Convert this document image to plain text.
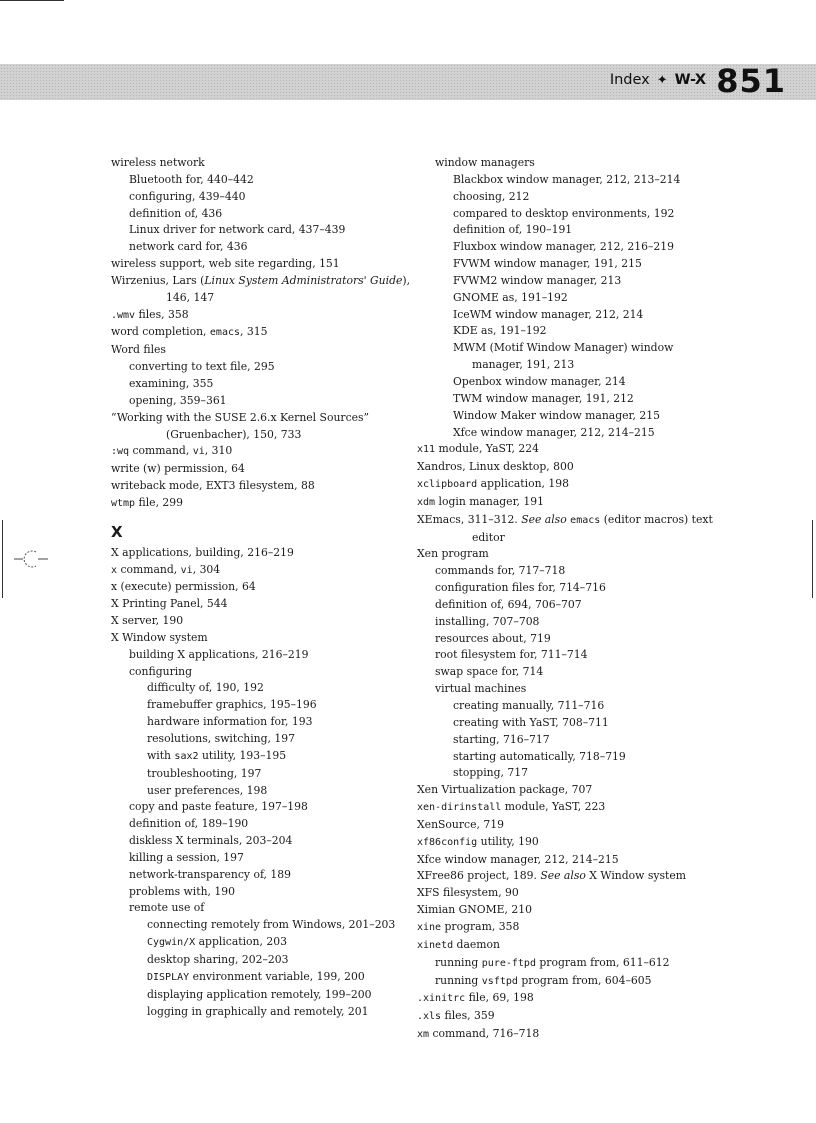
Index ✦ W-X 851
wireless network
Bluetooth for, 440–442
configuring, 439–440
definition of, 436
Linux driver for network card, 437–439
network card for, 436
wireless support, web site regarding, 151
Wirzenius, Lars (Linux System Administrators' Guide),
146, 147
.wmv files, 358
word completion, emacs, 315
Word files
converting to text file, 295
examining, 355
opening, 359–361
“Working with the SUSE 2.6.x Kernel Sources”
(Gruenbacher), 150, 733
:wq command, vi, 310
write (w) permission, 64
writeback mode, EXT3 filesystem, 88
wtmp file, 299
X
X applications, building, 216–219
x command, vi, 304
x (execute) permission, 64
X Printing Panel, 544
X server, 190
X Window system
building X applications, 216–219
configuring
difficulty of, 190, 192
framebuffer graphics, 195–196
hardware information for, 193
resolutions, switching, 197
with sax2 utility, 193–195
troubleshooting, 197
user preferences, 198
copy and paste feature, 197–198
definition of, 189–190
diskless X terminals, 203–204
killing a session, 197
network-transparency of, 189
problems with, 190
remote use of
connecting remotely from Windows, 201–203
Cygwin/X application, 203
desktop sharing, 202–203
DISPLAY environment variable, 199, 200
displaying application remotely, 199–200
logging in graphically and remotely, 201
window managers
Blackbox window manager, 212, 213–214
choosing, 212
compared to desktop environments, 192
definition of, 190–191
Fluxbox window manager, 212, 216–219
FVWM window manager, 191, 215
FVWM2 window manager, 213
GNOME as, 191–192
IceWM window manager, 212, 214
KDE as, 191–192
MWM (Motif Window Manager) window
manager, 191, 213
Openbox window manager, 214
TWM window manager, 191, 212
Window Maker window manager, 215
Xfce window manager, 212, 214–215
x11 module, YaST, 224
Xandros, Linux desktop, 800
xclipboard application, 198
xdm login manager, 191
XEmacs, 311–312. See also emacs (editor macros) text
editor
Xen program
commands for, 717–718
configuration files for, 714–716
definition of, 694, 706–707
installing, 707–708
resources about, 719
root filesystem for, 711–714
swap space for, 714
virtual machines
creating manually, 711–716
creating with YaST, 708–711
starting, 716–717
starting automatically, 718–719
stopping, 717
Xen Virtualization package, 707
xen-dirinstall module, YaST, 223
XenSource, 719
xf86config utility, 190
Xfce window manager, 212, 214–215
XFree86 project, 189. See also X Window system
XFS filesystem, 90
Ximian GNOME, 210
xine program, 358
xinetd daemon
running pure-ftpd program from, 611–612
running vsftpd program from, 604–605
.xinitrc file, 69, 198
.xls files, 359
xm command, 716–718
